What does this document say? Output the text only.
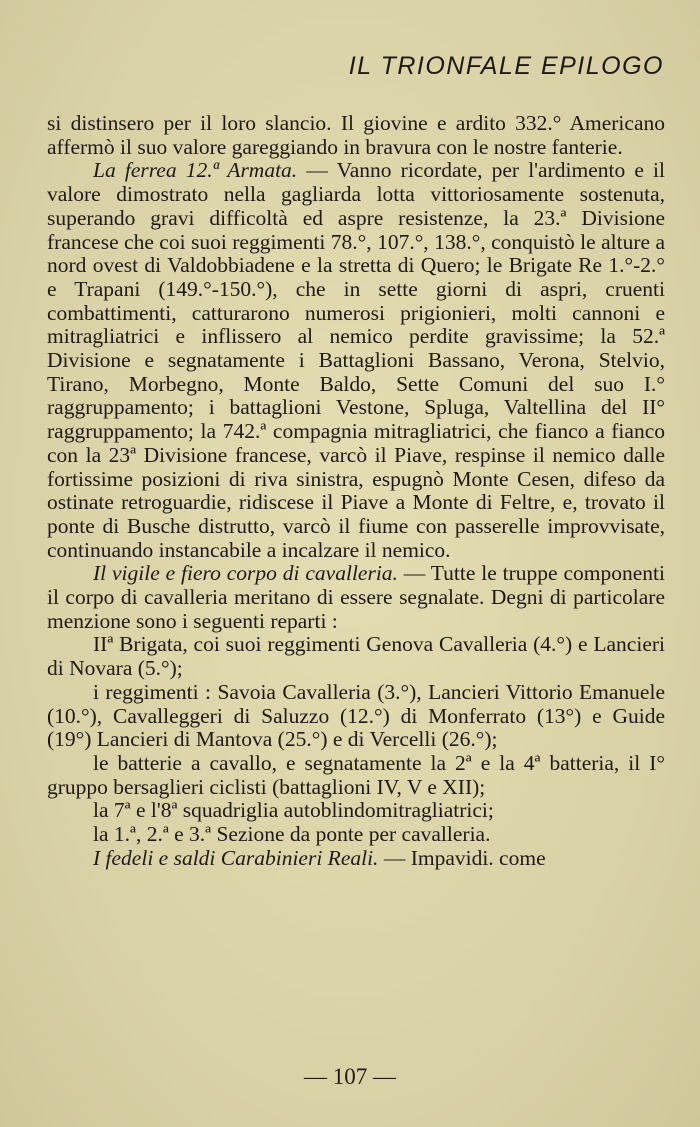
IL TRIONFALE EPILOGO

si distinsero per il loro slancio. Il giovine e ardito 332.° Americano affermò il suo valore gareggiando in bravura con le nostre fanterie.

La ferrea 12.ª Armata. — Vanno ricordate, per l'ardimento e il valore dimostrato nella gagliarda lotta vittoriosamente sostenuta, superando gravi difficoltà ed aspre resistenze, la 23.ª Divisione francese che coi suoi reggimenti 78.°, 107.°, 138.°, conquistò le alture a nord ovest di Valdobbiadene e la stretta di Quero; le Brigate Re 1.°-2.° e Trapani (149.°-150.°), che in sette giorni di aspri, cruenti combattimenti, catturarono numerosi prigionieri, molti cannoni e mitragliatrici e inflissero al nemico perdite gravissime; la 52.ª Divisione e segnatamente i Battaglioni Bassano, Verona, Stelvio, Tirano, Morbegno, Monte Baldo, Sette Comuni del suo I.° raggruppamento; i battaglioni Vestone, Spluga, Valtellina del II° raggruppamento; la 742.ª compagnia mitragliatrici, che fianco a fianco con la 23ª Divisione francese, varcò il Piave, respinse il nemico dalle fortissime posizioni di riva sinistra, espugnò Monte Cesen, difeso da ostinate retroguardie, ridiscese il Piave a Monte di Feltre, e, trovato il ponte di Busche distrutto, varcò il fiume con passerelle improvvisate, continuando instancabile a incalzare il nemico.

Il vigile e fiero corpo di cavalleria. — Tutte le truppe componenti il corpo di cavalleria meritano di essere segnalate. Degni di particolare menzione sono i seguenti reparti :

IIª Brigata, coi suoi reggimenti Genova Cavalleria (4.°) e Lancieri di Novara (5.°);

i reggimenti : Savoia Cavalleria (3.°), Lancieri Vittorio Emanuele (10.°), Cavalleggeri di Saluzzo (12.°) di Monferrato (13°) e Guide (19°) Lancieri di Mantova (25.°) e di Vercelli (26.°);

le batterie a cavallo, e segnatamente la 2ª e la 4ª batteria, il I° gruppo bersaglieri ciclisti (battaglioni IV, V e XII);

la 7ª e l'8ª squadriglia autoblindomitragliatrici;

la 1.ª, 2.ª e 3.ª Sezione da ponte per cavalleria.

I fedeli e saldi Carabinieri Reali. — Impavidi. come

— 107 —
